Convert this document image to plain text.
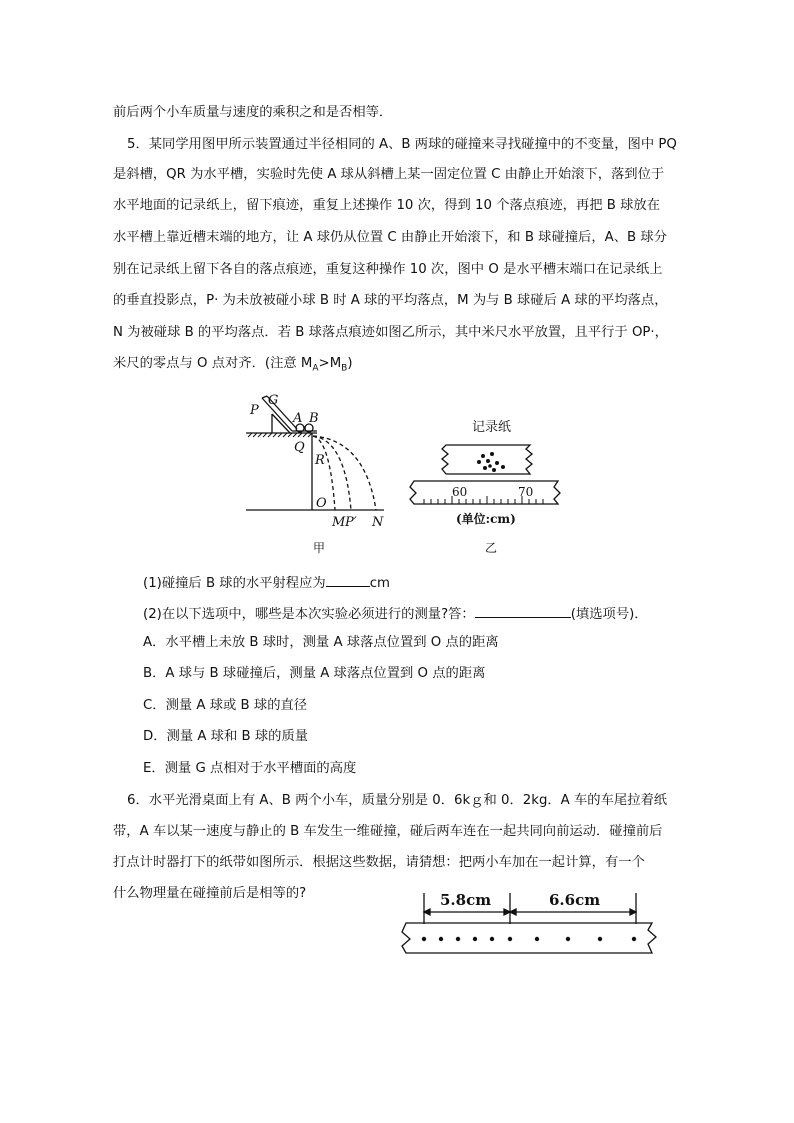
前后两个小车质量与速度的乘积之和是否相等．
5．某同学用图甲所示装置通过半径相同的 A、B 两球的碰撞来寻找碰撞中的不变量，图中 PQ
是斜槽，QR 为水平槽，实验时先使 A 球从斜槽上某一固定位置 C 由静止开始滚下，落到位于
水平地面的记录纸上，留下痕迹，重复上述操作 10 次，得到 10 个落点痕迹，再把 B 球放在
水平槽上靠近槽末端的地方，让 A 球仍从位置 C 由静止开始滚下，和 B 球碰撞后，A、B 球分
别在记录纸上留下各自的落点痕迹，重复这种操作 10 次，图中 O 是水平槽末端口在记录纸上
的垂直投影点，P· 为未放被碰小球 B 时 A 球的平均落点，M 为与 B 球碰后 A 球的平均落点，
N 为被碰球 B 的平均落点．若 B 球落点痕迹如图乙所示，其中米尺水平放置，且平行于 OP·，
米尺的零点与 O 点对齐．(注意 $M_A>M_B$)
P
G
A B
Q
R
O
M P′ N
记录纸
60	70
(单位:cm)
甲	乙
5.8cm	6.6cm
(1)碰撞后 B 球的水平射程应为	cm
(2)在以下选项中，哪些是本次实验必须进行的测量?答：	(填选项号)．
A．水平槽上未放 B 球时，测量 A 球落点位置到 O 点的距离
B．A 球与 B 球碰撞后，测量 A 球落点位置到 O 点的距离
C．测量 A 球或 B 球的直径
D．测量 A 球和 B 球的质量
E．测量 G 点相对于水平槽面的高度
6．水平光滑桌面上有 A、B 两个小车，质量分别是 0．6kｇ和 0．2kg．A 车的车尾拉着纸
带，A 车以某一速度与静止的 B 车发生一维碰撞，碰后两车连在一起共同向前运动．碰撞前后
打点计时器打下的纸带如图所示．根据这些数据，请猜想：把两小车加在一起计算，有一个
什么物理量在碰撞前后是相等的?
